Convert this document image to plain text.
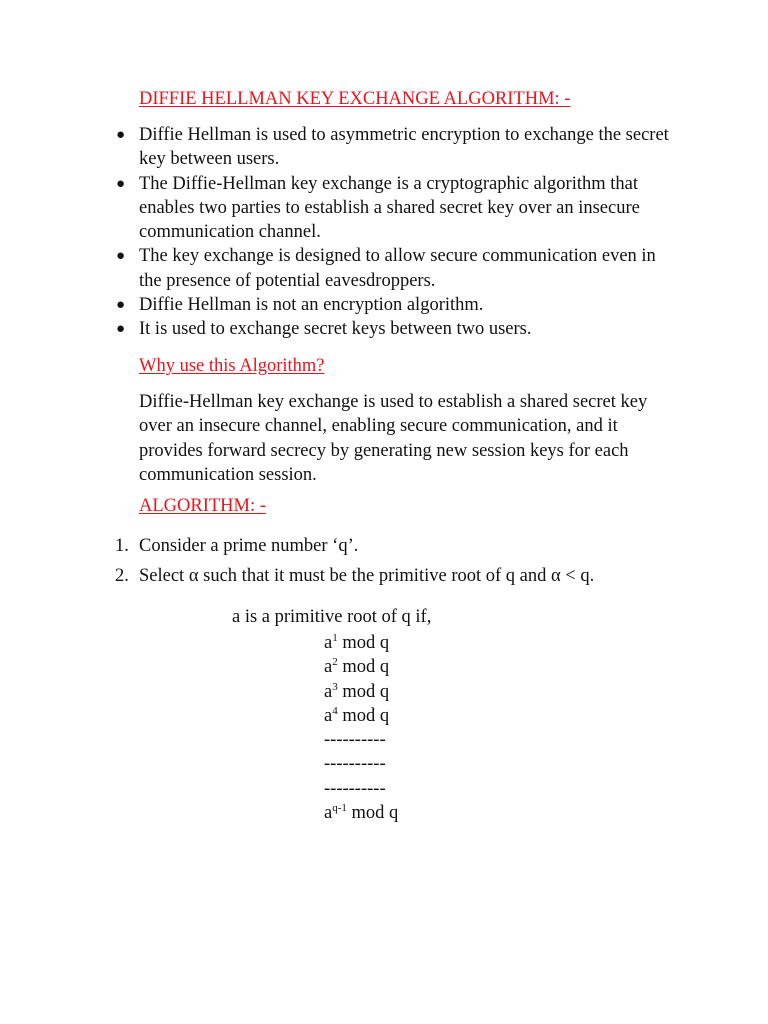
DIFFIE HELLMAN KEY EXCHANGE ALGORITHM: -
● Diffie Hellman is used to asymmetric encryption to exchange the secret key between users.
● The Diffie-Hellman key exchange is a cryptographic algorithm that enables two parties to establish a shared secret key over an insecure communication channel.
● The key exchange is designed to allow secure communication even in the presence of potential eavesdroppers.
● Diffie Hellman is not an encryption algorithm.
● It is used to exchange secret keys between two users.
Why use this Algorithm?

Diffie-Hellman key exchange is used to establish a shared secret key over an insecure channel, enabling secure communication, and it provides forward secrecy by generating new session keys for each communication session.

ALGORITHM: -
1. Consider a prime number ‘q’.
2. Select α such that it must be the primitive root of q and α < q.

a is a primitive root of q if,

$a^1$ mod q
$a^2$ mod q
$a^3$ mod q
$a^4$ mod q
----------
----------
----------
$a^{q-1}$ mod q
